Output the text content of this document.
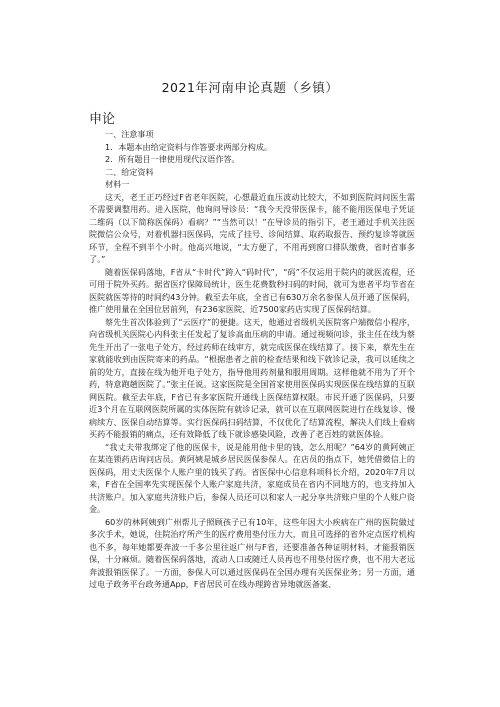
2021年河南申论真题（乡镇）
申论

一、注意事项

1．本题本由给定资料与作答要求两部分构成。

2．所有题目一律使用现代汉语作答。

二、给定资料

材料一

这天，老王正巧经过F省老年医院，心想最近血压波动比较大，不如到医院问问医生需不需要调整用药。进入医院，他询问导诊员：“我今天没带医保卡，能不能用医保电子凭证二维码（以下简称医保码）看病？”“当然可以！”在导诊员的指引下，老王通过手机关注医院微信公众号，对着机器扫医保码，完成了挂号、诊间结算、取药取报告、预约复诊等就医环节，全程不到半个小时。他高兴地说，“太方便了，不用再到窗口排队缴费，省时省事多了。”

随着医保码落地，F省从“卡时代”跨入“码时代”，“码”不仅运用于院内的就医流程，还可用于院外买药。据省医疗保障局统计，医生花费数秒扫码的时间，就可为患者平均节省在医院就医等待的时间约43分钟。截至去年底，全省已有630万余名参保人员开通了医保码，推广使用量在全国位居前列，有236家医院、近7500家药店实现了医保码结算。

蔡先生首次体验到了“云医疗”的便捷。这天，他通过省级机关医院客户端微信小程序，向省级机关医院心内科张主任发起了复诊高血压病的申请。通过视频问诊，张主任在线为蔡先生开出了一张电子处方，经过药师在线审方，就完成医保在线结算了。接下来，蔡先生在家就能收到由医院寄来的药品。“根据患者之前的检查结果和线下就诊记录，我可以延续之前的处方，直接在线为他开电子处方，指导他用药剂量和服用周期。这样他就不用为了开个药，特意跑趟医院了。”张主任说。这家医院是全国首家使用医保码实现医保在线结算的互联网医院。截至去年底，F省已有多家医院开通线上医保结算权限。市民开通了医保码，只要近3个月在互联网医院所属的实体医院有就诊记录，就可以在互联网医院进行在线复诊、慢病续方、医保自动结算等。实行医保码扫码结算，不仅优化了结算流程，解决人们线上看病买药不能报销的痛点，还有效降低了线下就诊感染风险，改善了老百姓的就医体验。

“我丈夫带我绑定了他的医保卡，说是能用他卡里的钱，怎么用呢？”64岁的黄阿姨正在某连锁药店询问店员。黄阿姨是城乡居民医保参保人。在店员的指点下，她凭借微信上的医保码，用丈夫医保个人账户里的钱买了药。省医保中心信息科项科长介绍，2020年7月以来，F省在全国率先实现医保个人账户家庭共济，家庭成员在省内不同地方的，也支持加入共济账户。加入家庭共济账户后，参保人员还可以和家人一起分享共济账户里的个人账户资金。

60岁的林阿姨到广州帮儿子照顾孩子已有10年，这些年因大小疾病在广州的医院做过多次手术，她说，住院治疗所产生的医疗费用垫付压力大，而且可选择的省外定点医疗机构也不多，每年她都要奔波一千多公里往返广州与F省，还要准备各种证明材料，才能报销医保，十分麻烦。随着医保码落地，流动人口或随迁人员再也不用垫付医疗费，也不用大老远奔波报销医保了。一方面，参保人可以通过医保码在全国办理有关医保业务；另一方面，通过电子政务平台政务通App，F省居民可在线办理跨省异地就医备案、
